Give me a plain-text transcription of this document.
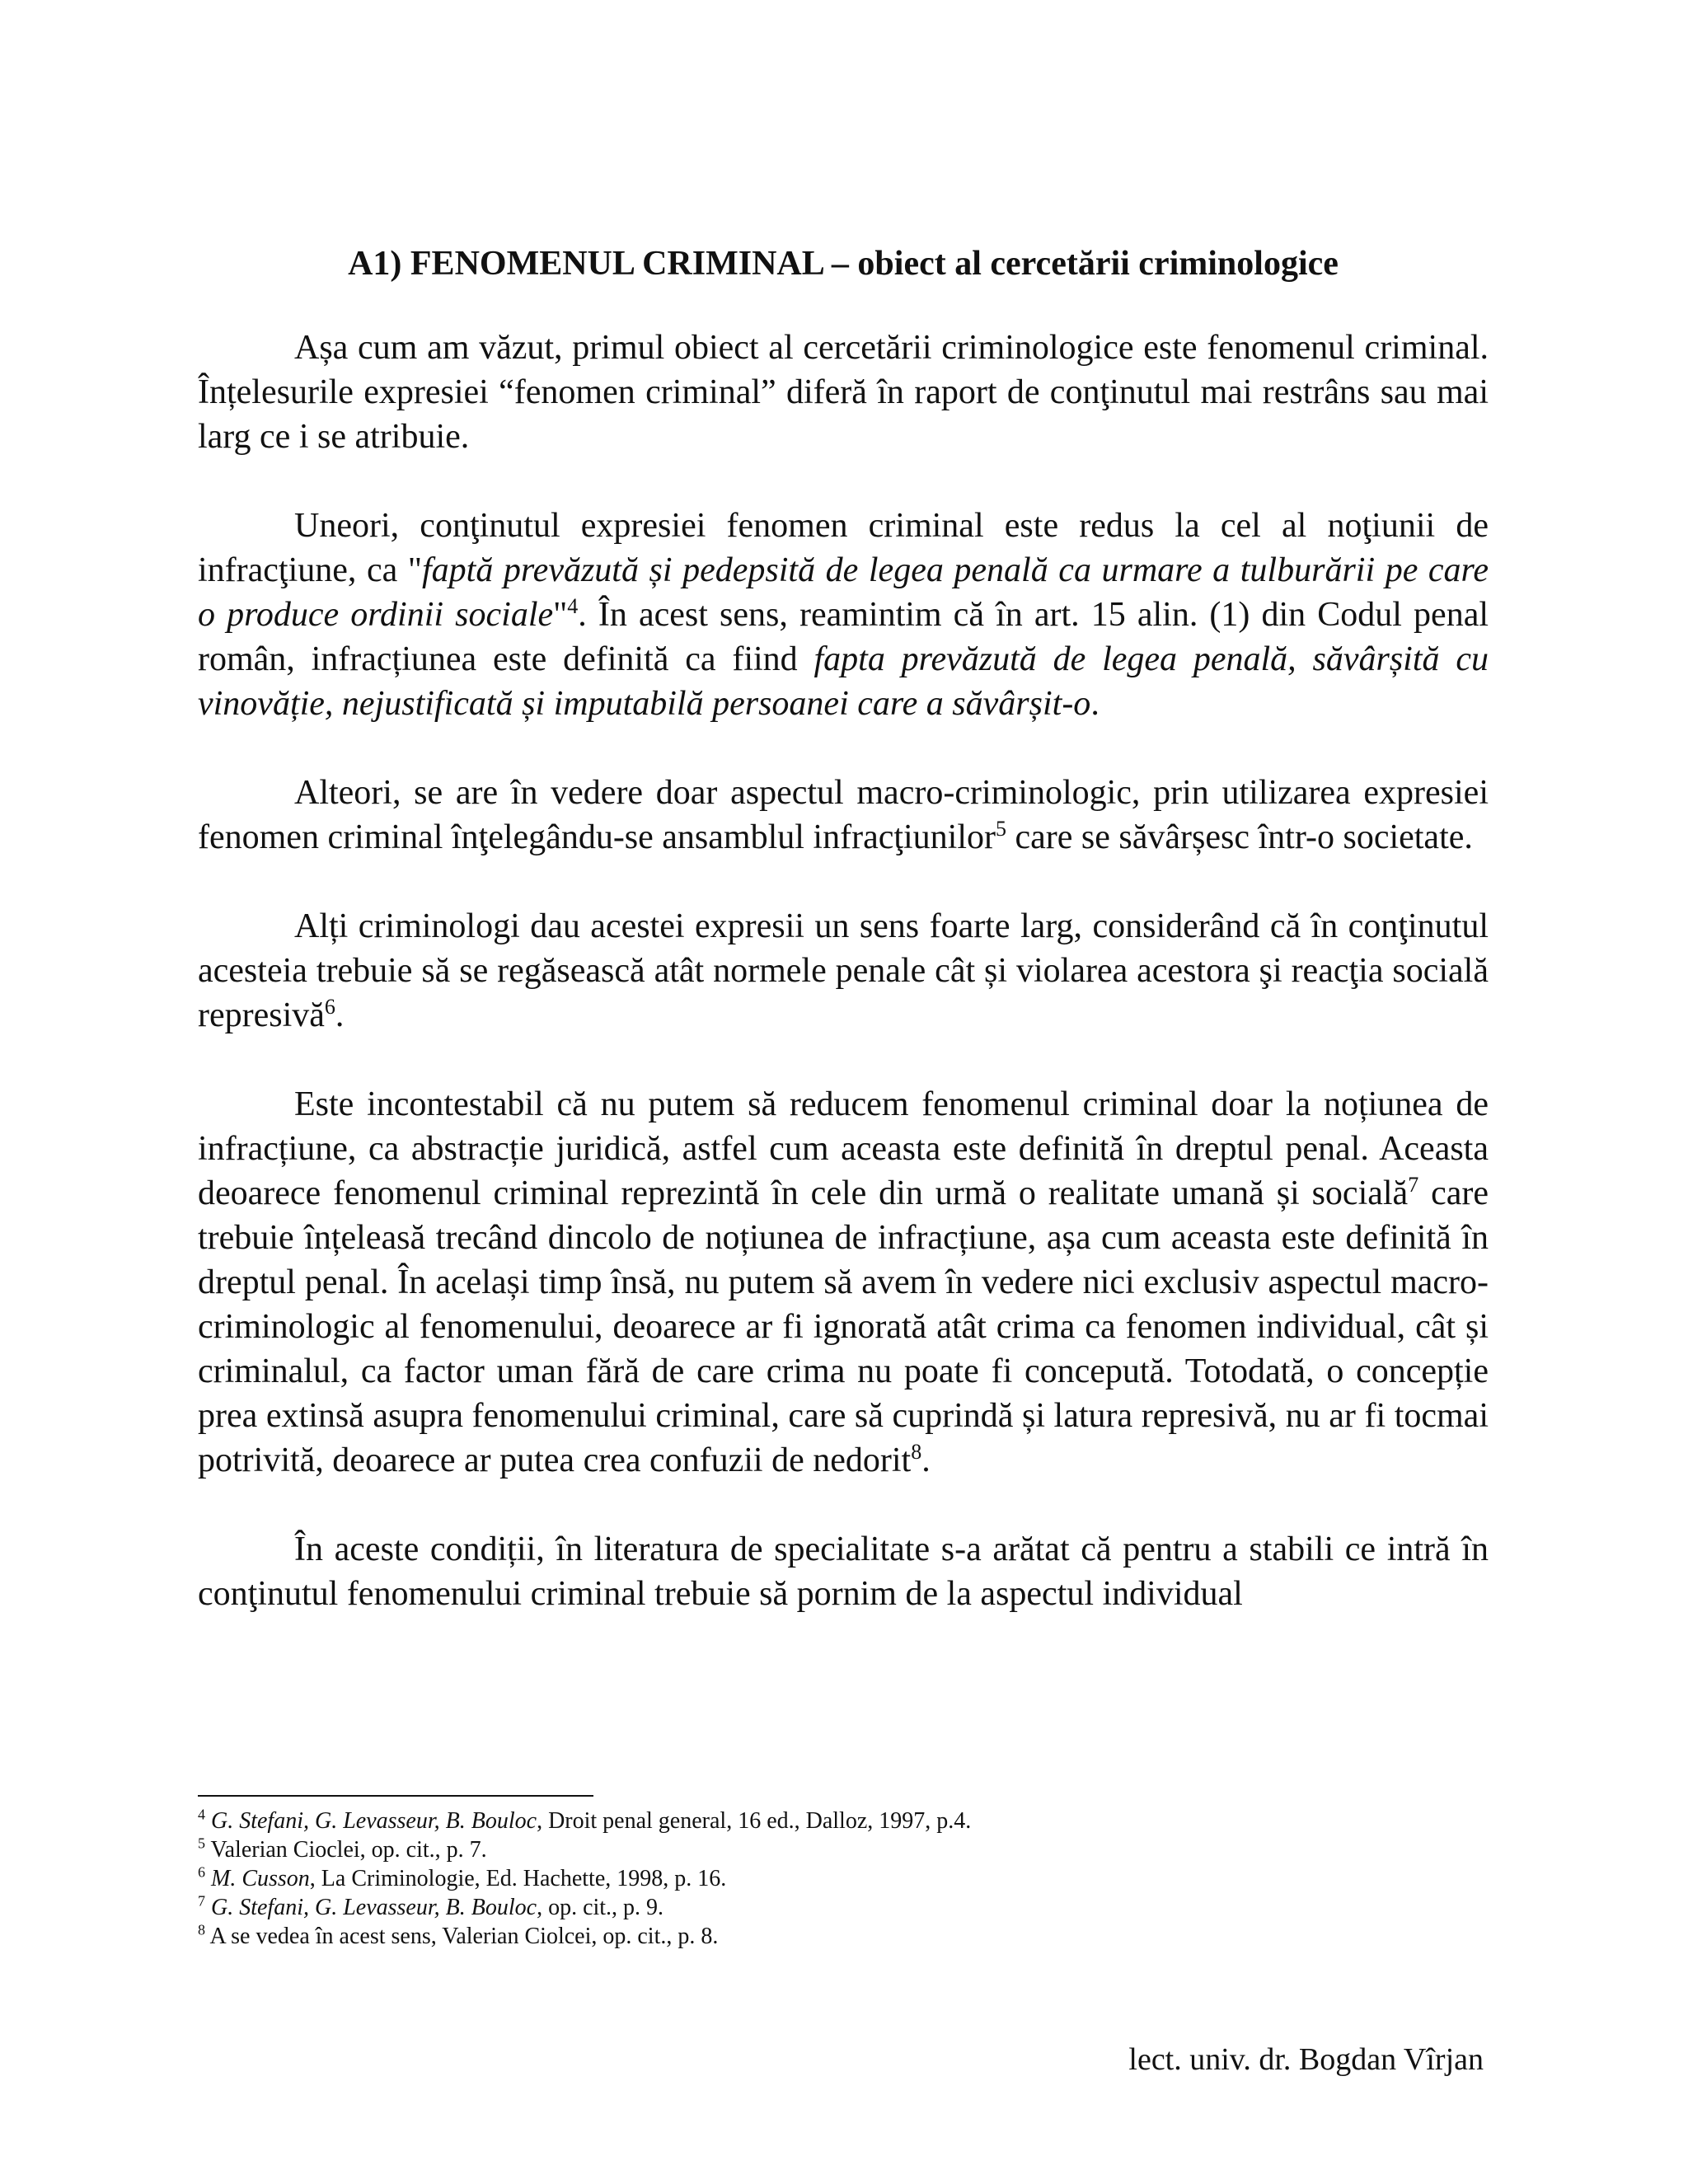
A1) FENOMENUL CRIMINAL – obiect al cercetării criminologice

Așa cum am văzut, primul obiect al cercetării criminologice este fenomenul criminal. Înțelesurile expresiei “fenomen criminal” diferă în raport de conţinutul mai restrâns sau mai larg ce i se atribuie.

Uneori, conţinutul expresiei fenomen criminal este redus la cel al noţiunii de infracţiune, ca "faptă prevăzută și pedepsită de legea penală ca urmare a tulburării pe care o produce ordinii sociale"$^4$. În acest sens, reamintim că în art. 15 alin. (1) din Codul penal român, infracțiunea este definită ca fiind fapta prevăzută de legea penală, săvârșită cu vinovăție, nejustificată și imputabilă persoanei care a săvârșit-o.

Alteori, se are în vedere doar aspectul macro-criminologic, prin utilizarea expresiei fenomen criminal înţelegându-se ansamblul infracţiunilor$^5$ care se săvârșesc într-o societate.

Alți criminologi dau acestei expresii un sens foarte larg, considerând că în conţinutul acesteia trebuie să se regăsească atât normele penale cât și violarea acestora şi reacţia socială represivă$^6$.

Este incontestabil că nu putem să reducem fenomenul criminal doar la noțiunea de infracțiune, ca abstracție juridică, astfel cum aceasta este definită în dreptul penal. Aceasta deoarece fenomenul criminal reprezintă în cele din urmă o realitate umană și socială$^7$ care trebuie înțeleasă trecând dincolo de noțiunea de infracțiune, așa cum aceasta este definită în dreptul penal. În același timp însă, nu putem să avem în vedere nici exclusiv aspectul macro-criminologic al fenomenului, deoarece ar fi ignorată atât crima ca fenomen individual, cât și criminalul, ca factor uman fără de care crima nu poate fi concepută. Totodată, o concepție prea extinsă asupra fenomenului criminal, care să cuprindă și latura represivă, nu ar fi tocmai potrivită, deoarece ar putea crea confuzii de nedorit$^8$.

În aceste condiții, în literatura de specialitate s-a arătat că pentru a stabili ce intră în conţinutul fenomenului criminal trebuie să pornim de la aspectul individual

$^4$ G. Stefani, G. Levasseur, B. Bouloc, Droit penal general, 16 ed., Dalloz, 1997, p.4.
$^5$ Valerian Cioclei, op. cit., p. 7.
$^6$ M. Cusson, La Criminologie, Ed. Hachette, 1998, p. 16.
$^7$ G. Stefani, G. Levasseur, B. Bouloc, op. cit., p. 9.
$^8$ A se vedea în acest sens, Valerian Ciolcei, op. cit., p. 8.
lect. univ. dr. Bogdan Vîrjan
